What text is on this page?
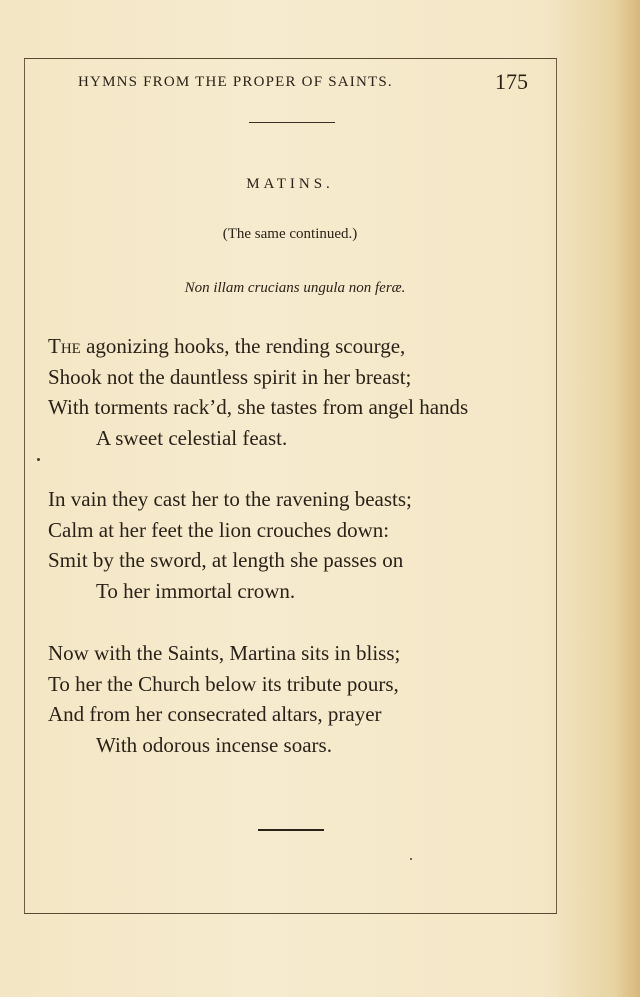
HYMNS FROM THE PROPER OF SAINTS.	175
MATINS.
(The same continued.)
Non illam crucians ungula non feræ.
The agonizing hooks, the rending scourge,
Shook not the dauntless spirit in her breast;
With torments rack’d, she tastes from angel hands
A sweet celestial feast.
In vain they cast her to the ravening beasts;
Calm at her feet the lion crouches down:
Smit by the sword, at length she passes on
To her immortal crown.
Now with the Saints, Martina sits in bliss;
To her the Church below its tribute pours,
And from her consecrated altars, prayer
With odorous incense soars.
